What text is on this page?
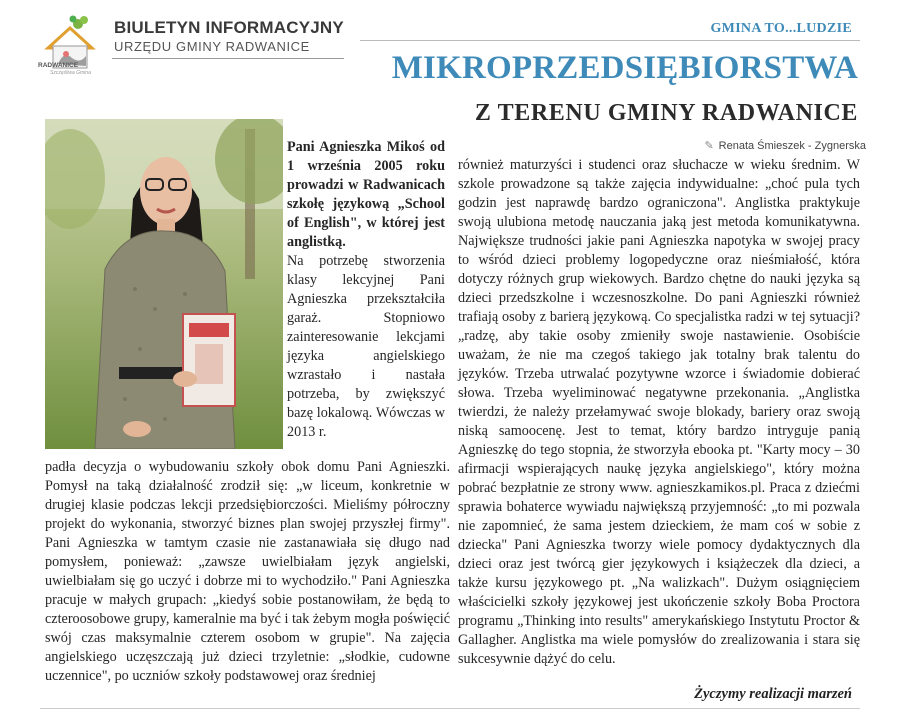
RADWANICE
Szczęśliwa Gmina
BIULETYN INFORMACYJNY
URZĘDU GMINY RADWANICE
GMINA TO...LUDZIE
MIKROPRZEDSIĘBIORSTWA
Z TERENU GMINY RADWANICE
✎ Renata Śmieszek - Zygnerska

Pani Agnieszka Mikoś od 1 września 2005 roku prowadzi w Radwanicach szkołę językową „School of English", w której jest anglistką.

Na potrzebę stworzenia klasy lekcyjnej Pani Agnieszka przekształciła garaż. Stopniowo zainteresowanie lekcjami języka angielskiego wzrastało i nastała potrzeba, by zwiększyć bazę lokalową. Wówczas w 2013 r.

padła decyzja o wybudowaniu szkoły obok domu Pani Agnieszki. Pomysł na taką działalność zrodził się: „w liceum, konkretnie w drugiej klasie podczas lekcji przedsiębiorczości. Mieliśmy półroczny projekt do wykonania, stworzyć biznes plan swojej przyszłej firmy". Pani Agnieszka w tamtym czasie nie zastanawiała się długo nad pomysłem, ponieważ: „zawsze uwielbiałam język angielski, uwielbiałam się go uczyć i dobrze mi to wychodziło." Pani Agnieszka pracuje w małych grupach: „kiedyś sobie postanowiłam, że będą to czteroosobowe grupy, kameralnie ma być i tak żebym mogła poświęcić swój czas maksymalnie czterem osobom w grupie". Na zajęcia angielskiego uczęszczają już dzieci trzyletnie: „słodkie, cudowne uczennice", po uczniów szkoły podstawowej oraz średniej
również maturzyści i studenci oraz słuchacze w wieku średnim. W szkole prowadzone są także zajęcia indywidualne: „choć pula tych godzin jest naprawdę bardzo ograniczona". Anglistka praktykuje swoją ulubiona metodę nauczania jaką jest metoda komunikatywna. Największe trudności jakie pani Agnieszka napotyka w swojej pracy to wśród dzieci problemy logopedyczne oraz nieśmiałość, która dotyczy różnych grup wiekowych. Bardzo chętne do nauki języka są dzieci przedszkolne i wczesnoszkolne. Do pani Agnieszki również trafiają osoby z barierą językową. Co specjalistka radzi w tej sytuacji? „radzę, aby takie osoby zmieniły swoje nastawienie. Osobiście uważam, że nie ma czegoś takiego jak totalny brak talentu do języków. Trzeba utrwalać pozytywne wzorce i świadomie dobierać słowa. Trzeba wyeliminować negatywne przekonania. „Anglistka twierdzi, że należy przełamywać swoje blokady, bariery oraz swoją niską samoocenę. Jest to temat, który bardzo intryguje panią Agnieszkę do tego stopnia, że stworzyła ebooka pt. "Karty mocy – 30 afirmacji wspierających naukę języka angielskiego", który można pobrać bezpłatnie ze strony www. agnieszkamikos.pl. Praca z dziećmi sprawia bohaterce wywiadu największą przyjemność: „to mi pozwala nie zapomnieć, że sama jestem dzieckiem, że mam coś w sobie z dziecka" Pani Agnieszka tworzy wiele pomocy dydaktycznych dla dzieci oraz jest twórcą gier językowych i książeczek dla dzieci, a także kursu językowego pt. „Na walizkach". Dużym osiągnięciem właścicielki szkoły językowej jest ukończenie szkoły Boba Proctora programu „Thinking into results" amerykańskiego Instytutu Proctor & Gallagher. Anglistka ma wiele pomysłów do zrealizowania i stara się sukcesywnie dążyć do celu.
Życzymy realizacji marzeń
